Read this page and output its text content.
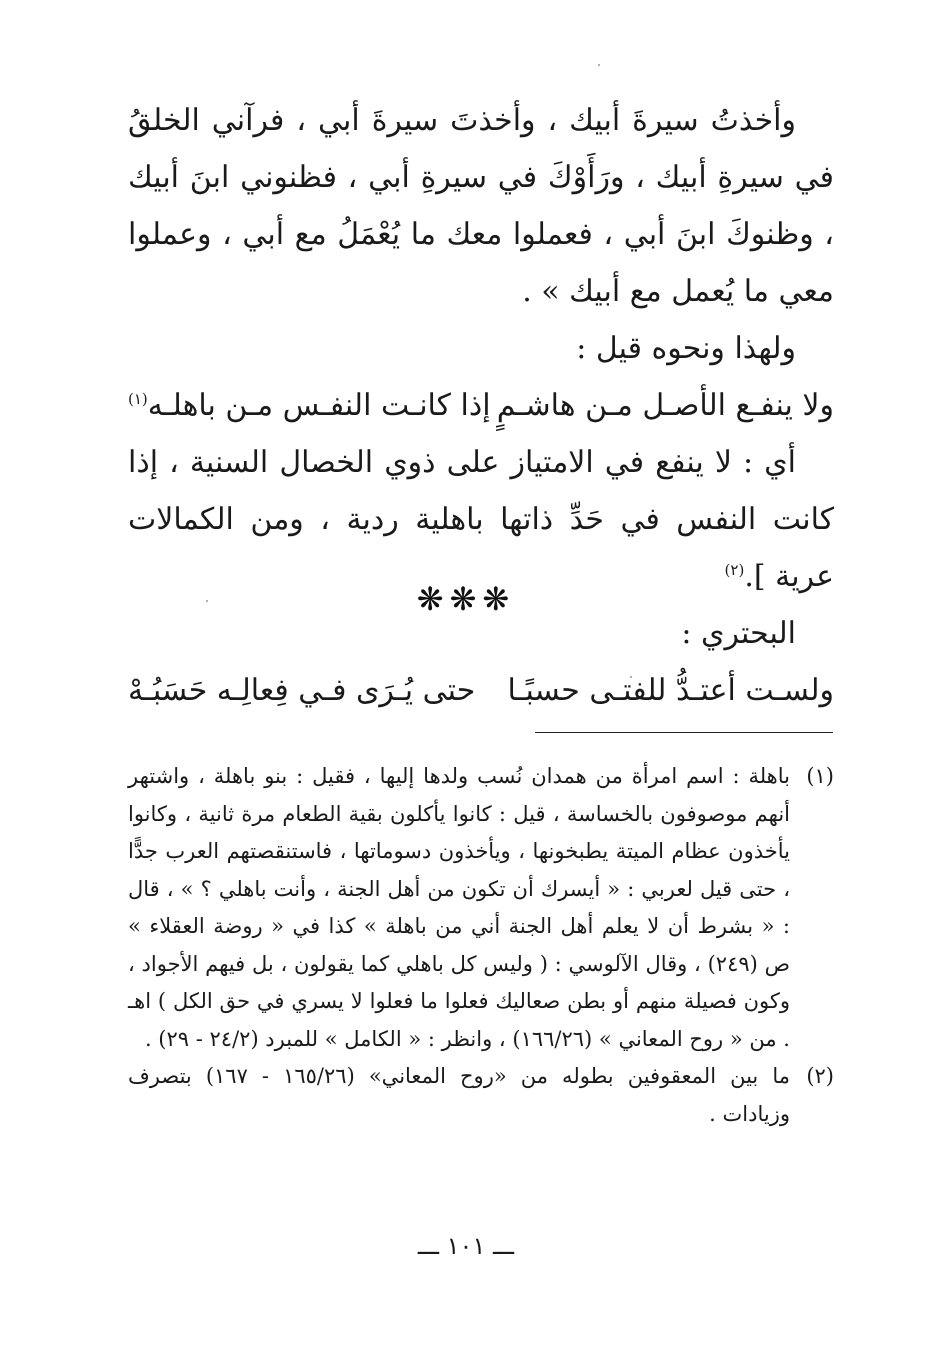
وأخذتُ سيرةَ أبيك ، وأخذتَ سيرةَ أبي ، فرآني الخلقُ في سيرةِ أبيك ، ورَأَوْكَ في سيرةِ أبي ، فظنوني ابنَ أبيك ، وظنوكَ ابنَ أبي ، فعملوا معك ما يُعْمَلُ مع أبي ، وعملوا معي ما يُعمل مع أبيك » .

ولهذا ونحوه قيل :

ولا ينفـع الأصـل مـن هاشـمٍ
إذا كانـت النفـس مـن باهلـه$^{(١)}$

أي : لا ينفع في الامتياز على ذوي الخصال السنية ، إذا كانت النفس في حَدِّ ذاتها باهلية ردية ، ومن الكمالات عرية ].$^{(٢)}$

البحتري :

ولسـت أعتـدُّ للفتـى حسبًـا
حتى يُـرَى فـي فِعالِـه حَسَبُـهْ
❋❋❋
(١)
باهلة : اسم امرأة من همدان نُسب ولدها إليها ، فقيل : بنو باهلة ، واشتهر أنهم موصوفون بالخساسة ، قيل : كانوا يأكلون بقية الطعام مرة ثانية ، وكانوا يأخذون عظام الميتة يطبخونها ، ويأخذون دسوماتها ، فاستنقصتهم العرب جدًّا ، حتى قيل لعربي : « أيسرك أن تكون من أهل الجنة ، وأنت باهلي ؟ » ، قال : « بشرط أن لا يعلم أهل الجنة أني من باهلة » كذا في « روضة العقلاء » ص (٢٤٩) ، وقال الآلوسي : ( وليس كل باهلي كما يقولون ، بل فيهم الأجواد ، وكون فصيلة منهم أو بطن صعاليك فعلوا ما فعلوا لا يسري في حق الكل ) اهـ . من « روح المعاني » (١٦٦/٢٦) ، وانظر : « الكامل » للمبرد (٢٤/٢ - ٢٩) .
(٢)
ما بين المعقوفين بطوله من «روح المعاني» (١٦٥/٢٦ - ١٦٧) بتصرف وزيادات .
ـــ ١٠١ ـــ
